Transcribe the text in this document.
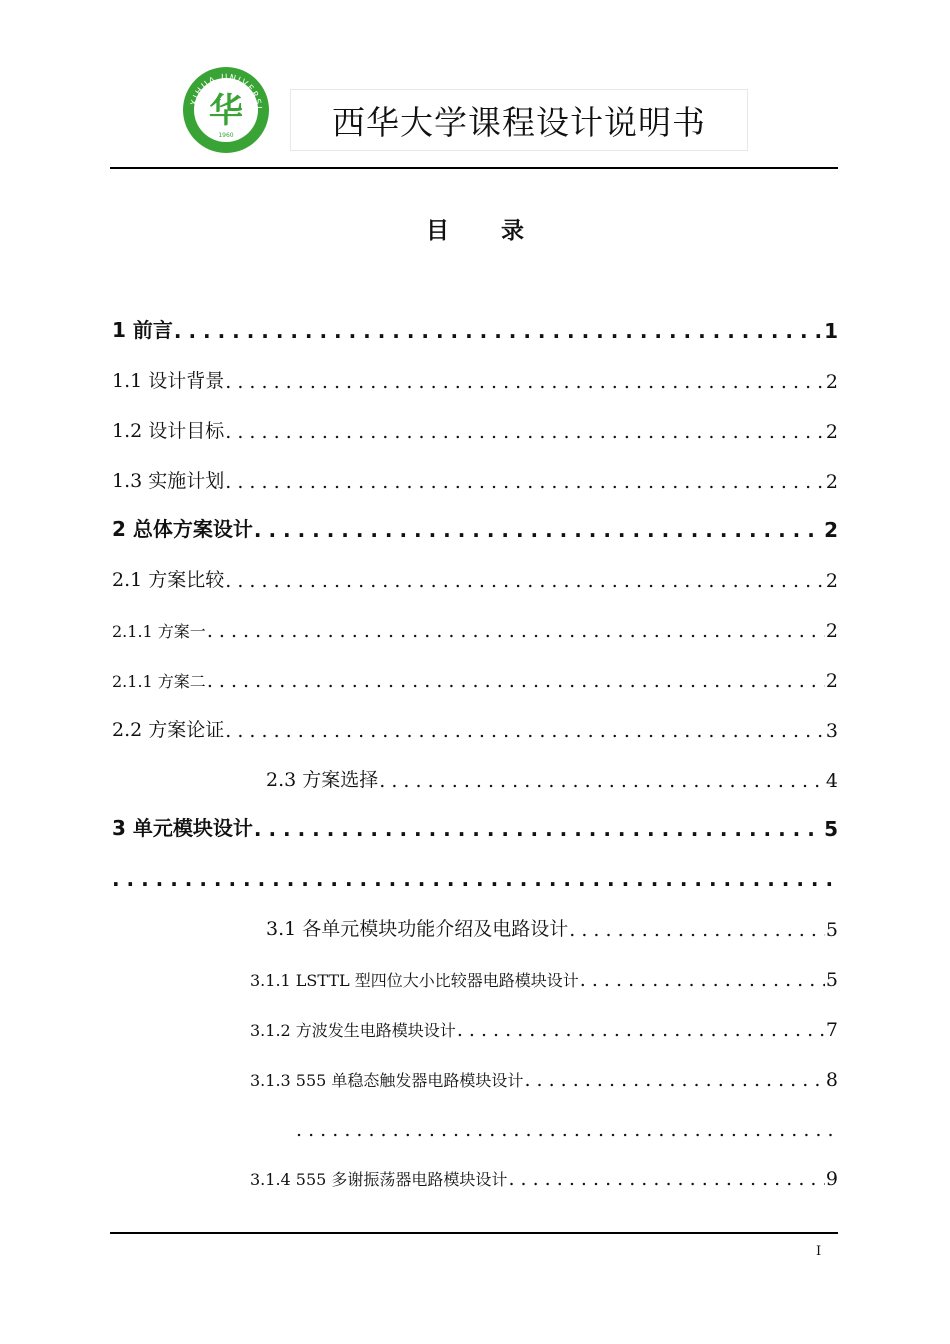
XIHUA UNIVERSI
华
1960	西华大学课程设计说明书
目 录
1 前言 . . .	1
1.1 设计背景 . . .	2
1.2 设计目标 . . .	2
1.3 实施计划 . . .	2
2 总体方案设计 . . .	2
2.1 方案比较 . . .	2
2.1.1 方案一 . . .	2
2.1.1 方案二 . . .	2
2.2 方案论证 . . .	3
2.3 方案选择 . . .	4
3 单元模块设计 . . .	5
. . .
3.1 各单元模块功能介绍及电路设计 . . .	5
3.1.1 LSTTL 型四位大小比较器电路模块设计 . . .	5
3.1.2 方波发生电路模块设计 . . .	7
3.1.3 555 单稳态触发器电路模块设计 . . .	8
. . .
3.1.4 555 多谢振荡器电路模块设计 . . .	9
I
